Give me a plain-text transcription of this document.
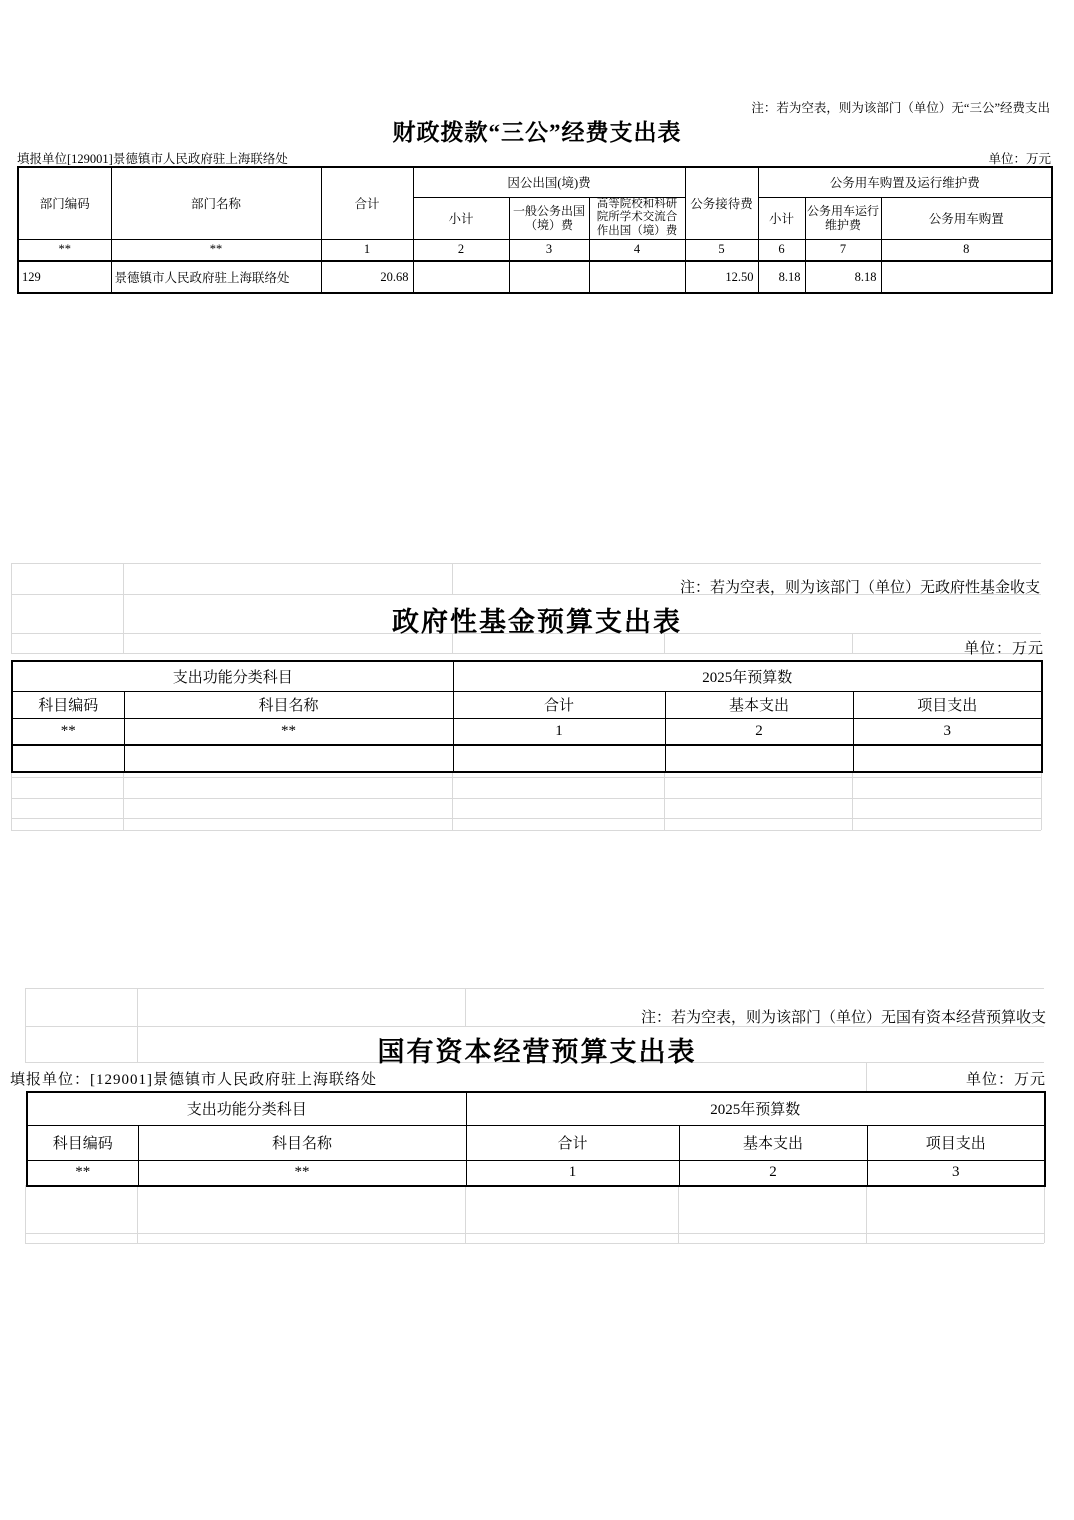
注：若为空表，则为该部门（单位）无“三公”经费支出
财政拨款“三公”经费支出表
填报单位[129001]景德镇市人民政府驻上海联络处	单位：万元
部门编码	部门名称	合计	因公出国(境)费			公务接待费	公务用车购置及运行维护费		
			小计	一般公务出国（境）费	高等院校和科研院所学术交流合作出国（境）费		小计	公务用车运行维护费	公务用车购置
**	**	1	2	3	4	5	6	7	8
129	景德镇市人民政府驻上海联络处	20.68				12.50	8.18	8.18	
注：若为空表，则为该部门（单位）无政府性基金收支
政府性基金预算支出表
单位：万元
支出功能分类科目		2025年预算数		
科目编码	科目名称	合计	基本支出	项目支出
**	**	1	2	3

注：若为空表，则为该部门（单位）无国有资本经营预算收支
国有资本经营预算支出表
填报单位：[129001]景德镇市人民政府驻上海联络处	单位：万元
支出功能分类科目		2025年预算数		
科目编码	科目名称	合计	基本支出	项目支出
**	**	1	2	3
